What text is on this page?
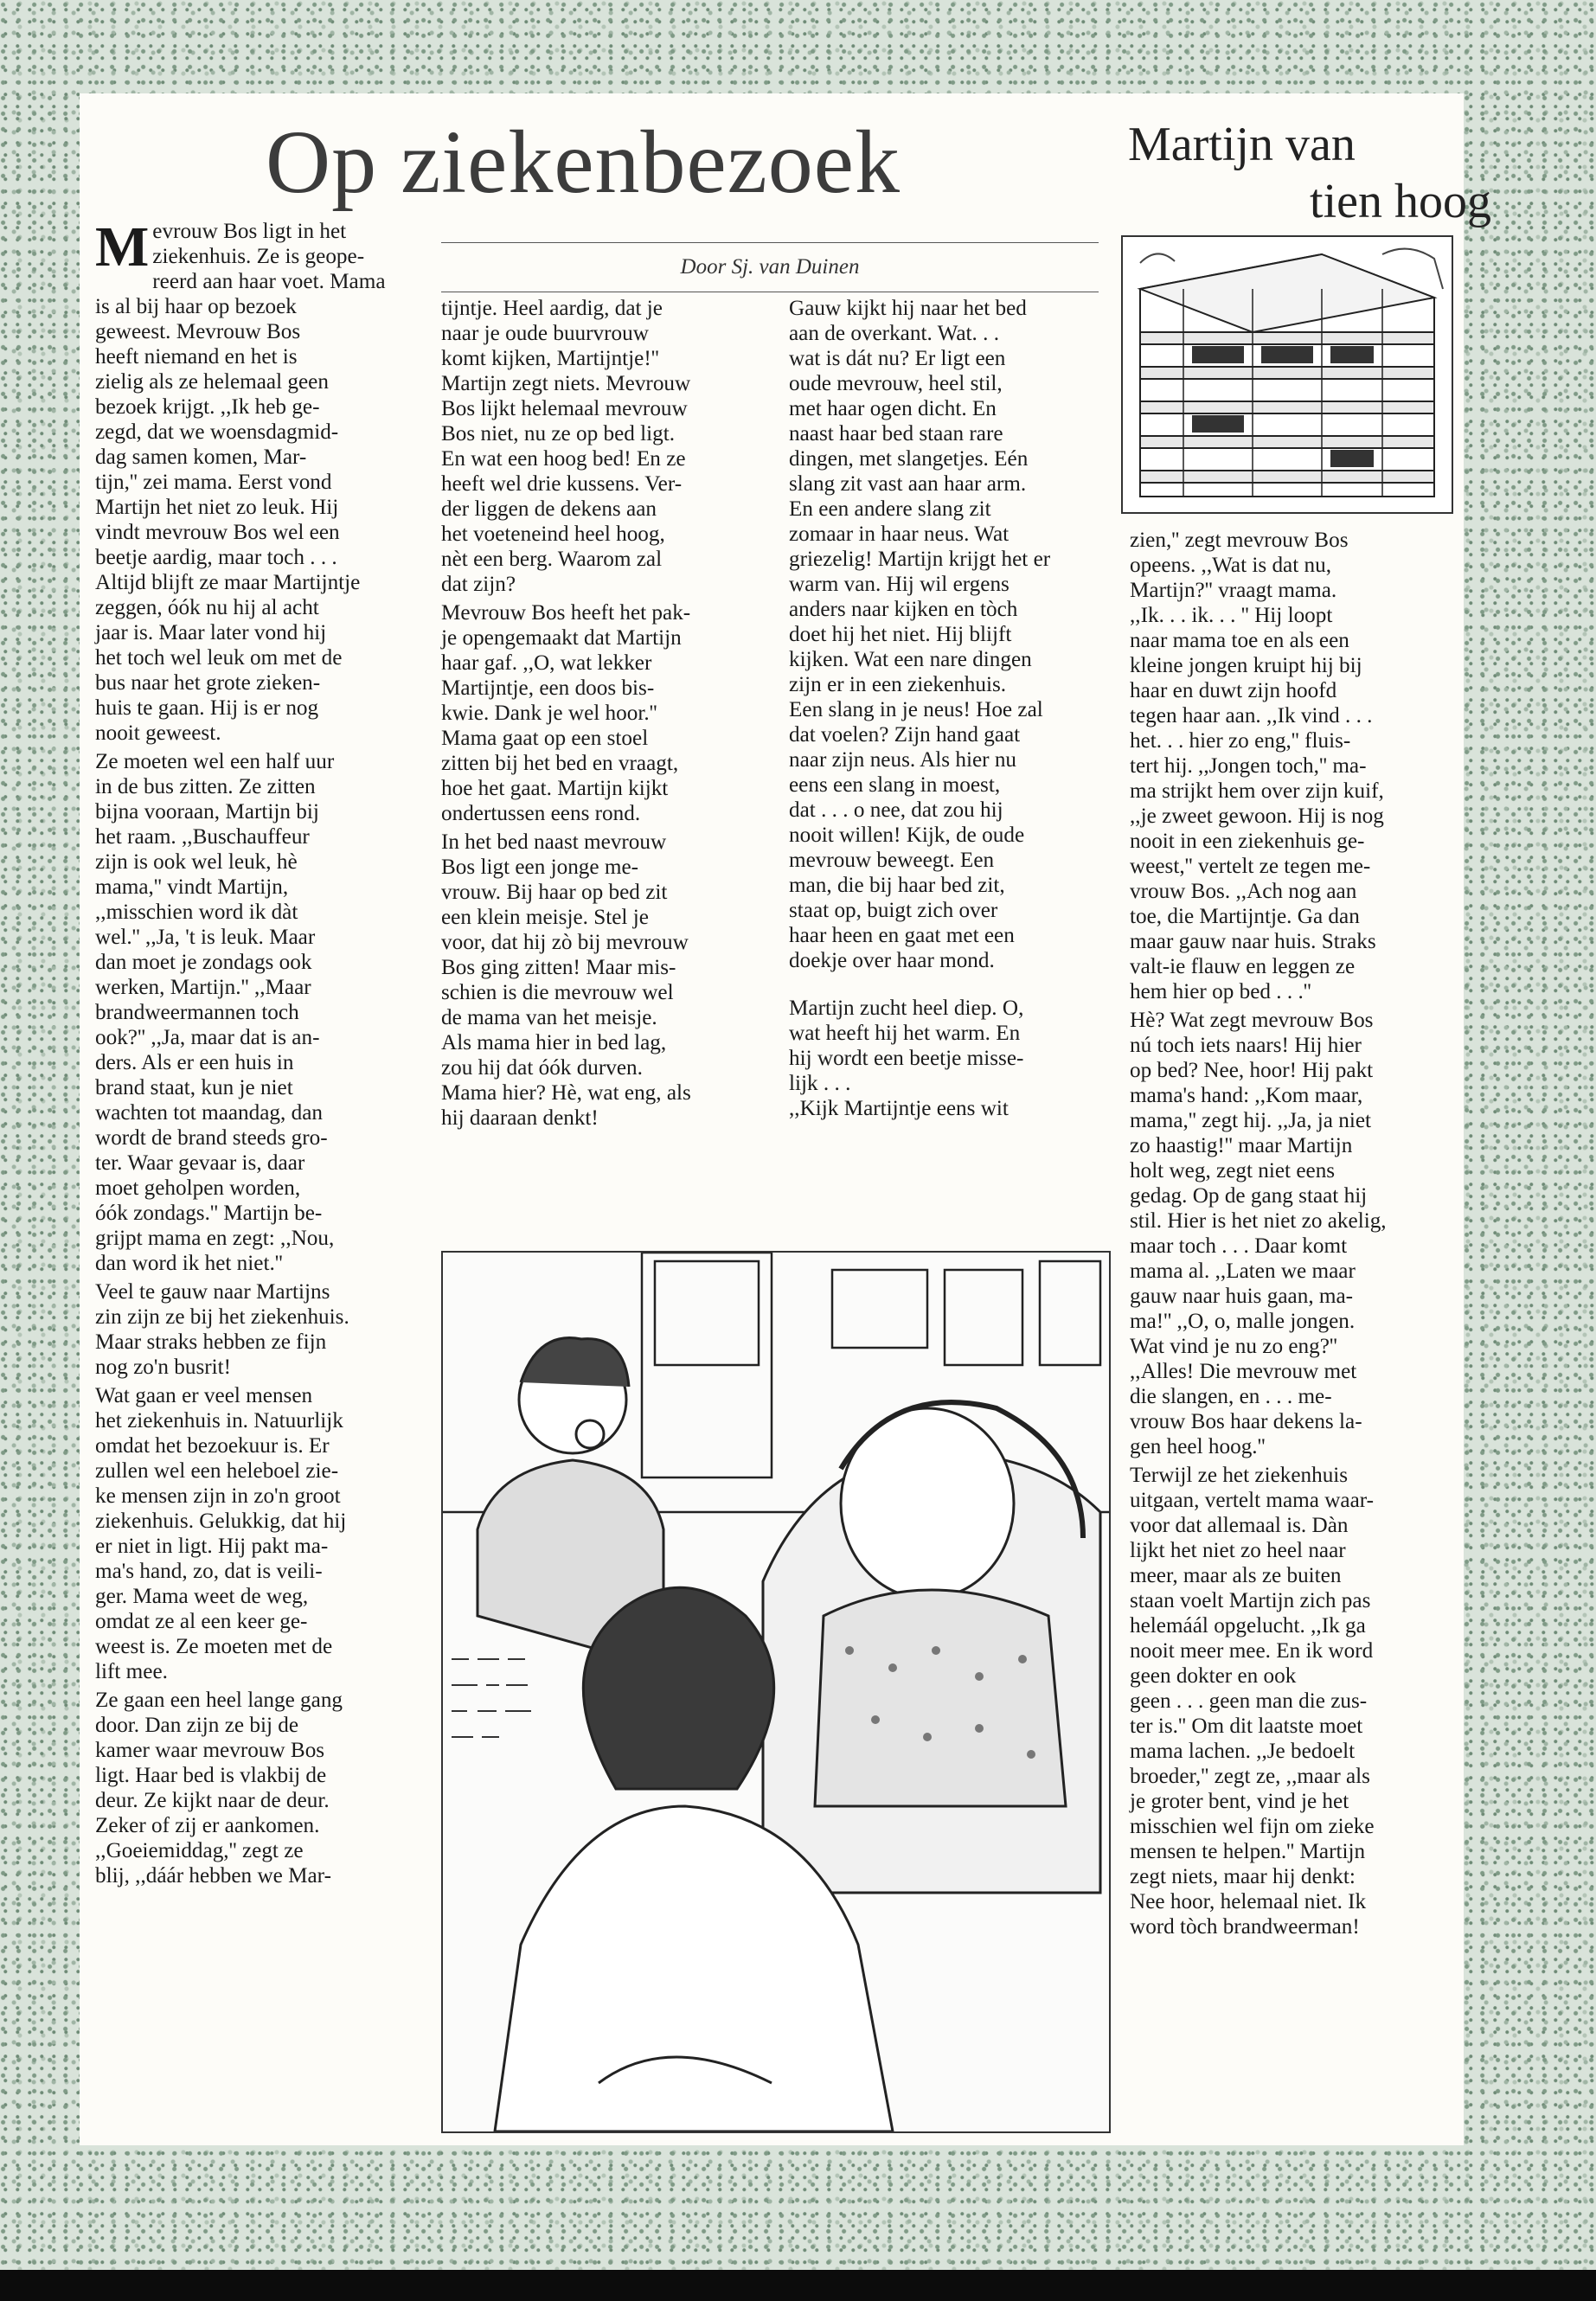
Op ziekenbezoek	Martijn van
tien hoog
Door Sj. van Duinen

Mevrouw Bos ligt in het
ziekenhuis. Ze is geope-
reerd aan haar voet. Mama
is al bij haar op bezoek
geweest. Mevrouw Bos
heeft niemand en het is
zielig als ze helemaal geen
bezoek krijgt. ,,Ik heb ge-
zegd, dat we woensdagmid-
dag samen komen, Mar-
tijn,'' zei mama. Eerst vond
Martijn het niet zo leuk. Hij
vindt mevrouw Bos wel een
beetje aardig, maar toch . . .
Altijd blijft ze maar Martijntje
zeggen, óók nu hij al acht
jaar is. Maar later vond hij
het toch wel leuk om met de
bus naar het grote zieken-
huis te gaan. Hij is er nog
nooit geweest.

Ze moeten wel een half uur
in de bus zitten. Ze zitten
bijna vooraan, Martijn bij
het raam. ,,Buschauffeur
zijn is ook wel leuk, hè
mama,'' vindt Martijn,
,,misschien word ik dàt
wel.'' ,,Ja, 't is leuk. Maar
dan moet je zondags ook
werken, Martijn.'' ,,Maar
brandweermannen toch
ook?'' ,,Ja, maar dat is an-
ders. Als er een huis in
brand staat, kun je niet
wachten tot maandag, dan
wordt de brand steeds gro-
ter. Waar gevaar is, daar
moet geholpen worden,
óók zondags.'' Martijn be-
grijpt mama en zegt: ,,Nou,
dan word ik het niet.''

Veel te gauw naar Martijns
zin zijn ze bij het ziekenhuis.
Maar straks hebben ze fijn
nog zo'n busrit!

Wat gaan er veel mensen
het ziekenhuis in. Natuurlijk
omdat het bezoekuur is. Er
zullen wel een heleboel zie-
ke mensen zijn in zo'n groot
ziekenhuis. Gelukkig, dat hij
er niet in ligt. Hij pakt ma-
ma's hand, zo, dat is veili-
ger. Mama weet de weg,
omdat ze al een keer ge-
weest is. Ze moeten met de
lift mee.

Ze gaan een heel lange gang
door. Dan zijn ze bij de
kamer waar mevrouw Bos
ligt. Haar bed is vlakbij de
deur. Ze kijkt naar de deur.
Zeker of zij er aankomen.
,,Goeiemiddag,'' zegt ze
blij, ,,dáár hebben we Mar-

tijntje. Heel aardig, dat je
naar je oude buurvrouw
komt kijken, Martijntje!''
Martijn zegt niets. Mevrouw
Bos lijkt helemaal mevrouw
Bos niet, nu ze op bed ligt.
En wat een hoog bed! En ze
heeft wel drie kussens. Ver-
der liggen de dekens aan
het voeteneind heel hoog,
nèt een berg. Waarom zal
dat zijn?

Mevrouw Bos heeft het pak-
je opengemaakt dat Martijn
haar gaf. ,,O, wat lekker
Martijntje, een doos bis-
kwie. Dank je wel hoor.''
Mama gaat op een stoel
zitten bij het bed en vraagt,
hoe het gaat. Martijn kijkt
ondertussen eens rond.

In het bed naast mevrouw
Bos ligt een jonge me-
vrouw. Bij haar op bed zit
een klein meisje. Stel je
voor, dat hij zò bij mevrouw
Bos ging zitten! Maar mis-
schien is die mevrouw wel
de mama van het meisje.
Als mama hier in bed lag,
zou hij dat óók durven.
Mama hier? Hè, wat eng, als
hij daaraan denkt!

Gauw kijkt hij naar het bed
aan de overkant. Wat. . .
wat is dát nu? Er ligt een
oude mevrouw, heel stil,
met haar ogen dicht. En
naast haar bed staan rare
dingen, met slangetjes. Eén
slang zit vast aan haar arm.
En een andere slang zit
zomaar in haar neus. Wat
griezelig! Martijn krijgt het er
warm van. Hij wil ergens
anders naar kijken en tòch
doet hij het niet. Hij blijft
kijken. Wat een nare dingen
zijn er in een ziekenhuis.
Een slang in je neus! Hoe zal
dat voelen? Zijn hand gaat
naar zijn neus. Als hier nu
eens een slang in moest,
dat . . . o nee, dat zou hij
nooit willen! Kijk, de oude
mevrouw beweegt. Een
man, die bij haar bed zit,
staat op, buigt zich over
haar heen en gaat met een
doekje over haar mond.

Martijn zucht heel diep. O,
wat heeft hij het warm. En
hij wordt een beetje misse-
lijk . . .
,,Kijk Martijntje eens wit

zien,'' zegt mevrouw Bos
opeens. ,,Wat is dat nu,
Martijn?'' vraagt mama.
,,Ik. . . ik. . . '' Hij loopt
naar mama toe en als een
kleine jongen kruipt hij bij
haar en duwt zijn hoofd
tegen haar aan. ,,Ik vind . . .
het. . . hier zo eng,'' fluis-
tert hij. ,,Jongen toch,'' ma-
ma strijkt hem over zijn kuif,
,,je zweet gewoon. Hij is nog
nooit in een ziekenhuis ge-
weest,'' vertelt ze tegen me-
vrouw Bos. ,,Ach nog aan
toe, die Martijntje. Ga dan
maar gauw naar huis. Straks
valt-ie flauw en leggen ze
hem hier op bed . . .''

Hè? Wat zegt mevrouw Bos
nú toch iets naars! Hij hier
op bed? Nee, hoor! Hij pakt
mama's hand: ,,Kom maar,
mama,'' zegt hij. ,,Ja, ja niet
zo haastig!'' maar Martijn
holt weg, zegt niet eens
gedag. Op de gang staat hij
stil. Hier is het niet zo akelig,
maar toch . . . Daar komt
mama al. ,,Laten we maar
gauw naar huis gaan, ma-
ma!'' ,,O, o, malle jongen.
Wat vind je nu zo eng?''
,,Alles! Die mevrouw met
die slangen, en . . . me-
vrouw Bos haar dekens la-
gen heel hoog.''

Terwijl ze het ziekenhuis
uitgaan, vertelt mama waar-
voor dat allemaal is. Dàn
lijkt het niet zo heel naar
meer, maar als ze buiten
staan voelt Martijn zich pas
helemáál opgelucht. ,,Ik ga
nooit meer mee. En ik word
geen dokter en ook
geen . . . geen man die zus-
ter is.'' Om dit laatste moet
mama lachen. ,,Je bedoelt
broeder,'' zegt ze, ,,maar als
je groter bent, vind je het
misschien wel fijn om zieke
mensen te helpen.'' Martijn
zegt niets, maar hij denkt:
Nee hoor, helemaal niet. Ik
word tòch brandweerman!
